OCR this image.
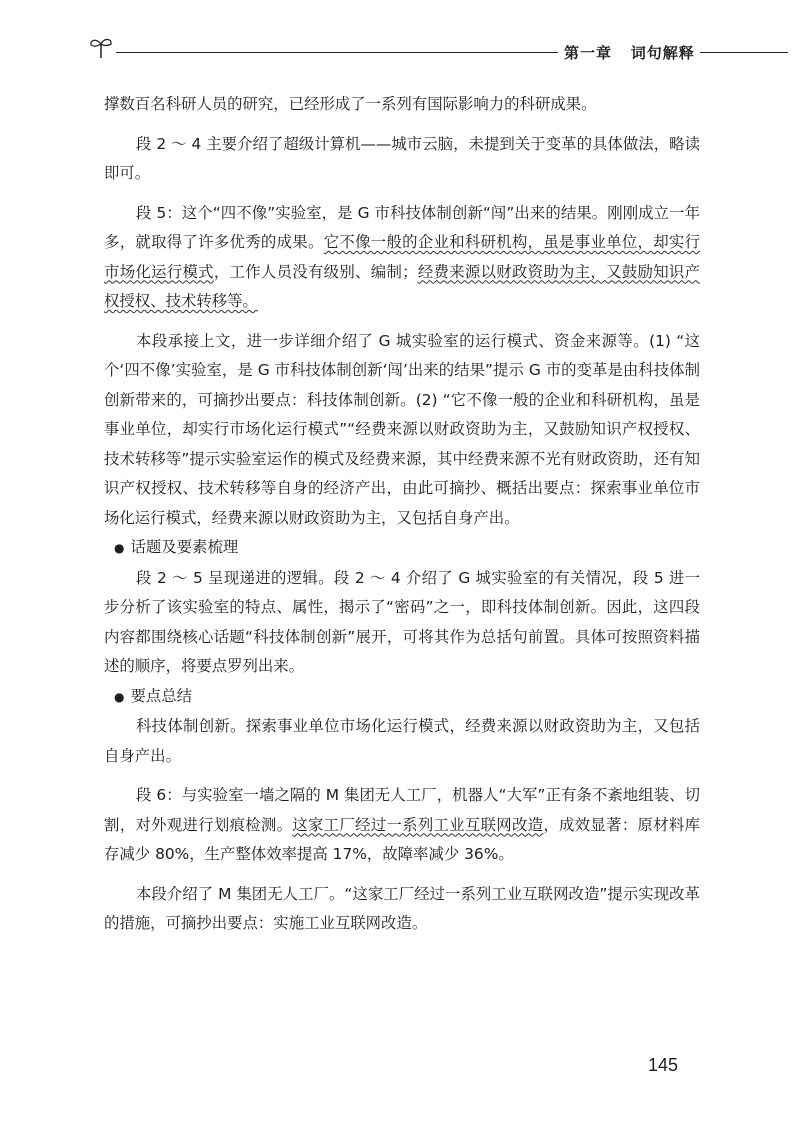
第一章 词句解释

撑数百名科研人员的研究，已经形成了一系列有国际影响力的科研成果。

段 2 ～ 4 主要介绍了超级计算机——城市云脑，未提到关于变革的具体做法，略读即可。

段 5：这个“四不像”实验室，是 G 市科技体制创新“闯”出来的结果。刚刚成立一年多，就取得了许多优秀的成果。它不像一般的企业和科研机构，虽是事业单位，却实行市场化运行模式，工作人员没有级别、编制；经费来源以财政资助为主，又鼓励知识产权授权、技术转移等。

本段承接上文，进一步详细介绍了 G 城实验室的运行模式、资金来源等。(1) “这个‘四不像’实验室，是 G 市科技体制创新‘闯’出来的结果”提示 G 市的变革是由科技体制创新带来的，可摘抄出要点：科技体制创新。(2) “它不像一般的企业和科研机构，虽是事业单位，却实行市场化运行模式”“经费来源以财政资助为主，又鼓励知识产权授权、技术转移等”提示实验室运作的模式及经费来源，其中经费来源不光有财政资助，还有知识产权授权、技术转移等自身的经济产出，由此可摘抄、概括出要点：探索事业单位市场化运行模式，经费来源以财政资助为主，又包括自身产出。

● 话题及要素梳理

段 2 ～ 5 呈现递进的逻辑。段 2 ～ 4 介绍了 G 城实验室的有关情况，段 5 进一步分析了该实验室的特点、属性，揭示了“密码”之一，即科技体制创新。因此，这四段内容都围绕核心话题“科技体制创新”展开，可将其作为总括句前置。具体可按照资料描述的顺序，将要点罗列出来。

● 要点总结

科技体制创新。探索事业单位市场化运行模式，经费来源以财政资助为主，又包括自身产出。

段 6：与实验室一墙之隔的 M 集团无人工厂，机器人“大军”正有条不紊地组装、切割，对外观进行划痕检测。这家工厂经过一系列工业互联网改造，成效显著：原材料库存减少 80%，生产整体效率提高 17%，故障率减少 36%。

本段介绍了 M 集团无人工厂。“这家工厂经过一系列工业互联网改造”提示实现改革的措施，可摘抄出要点：实施工业互联网改造。

145
